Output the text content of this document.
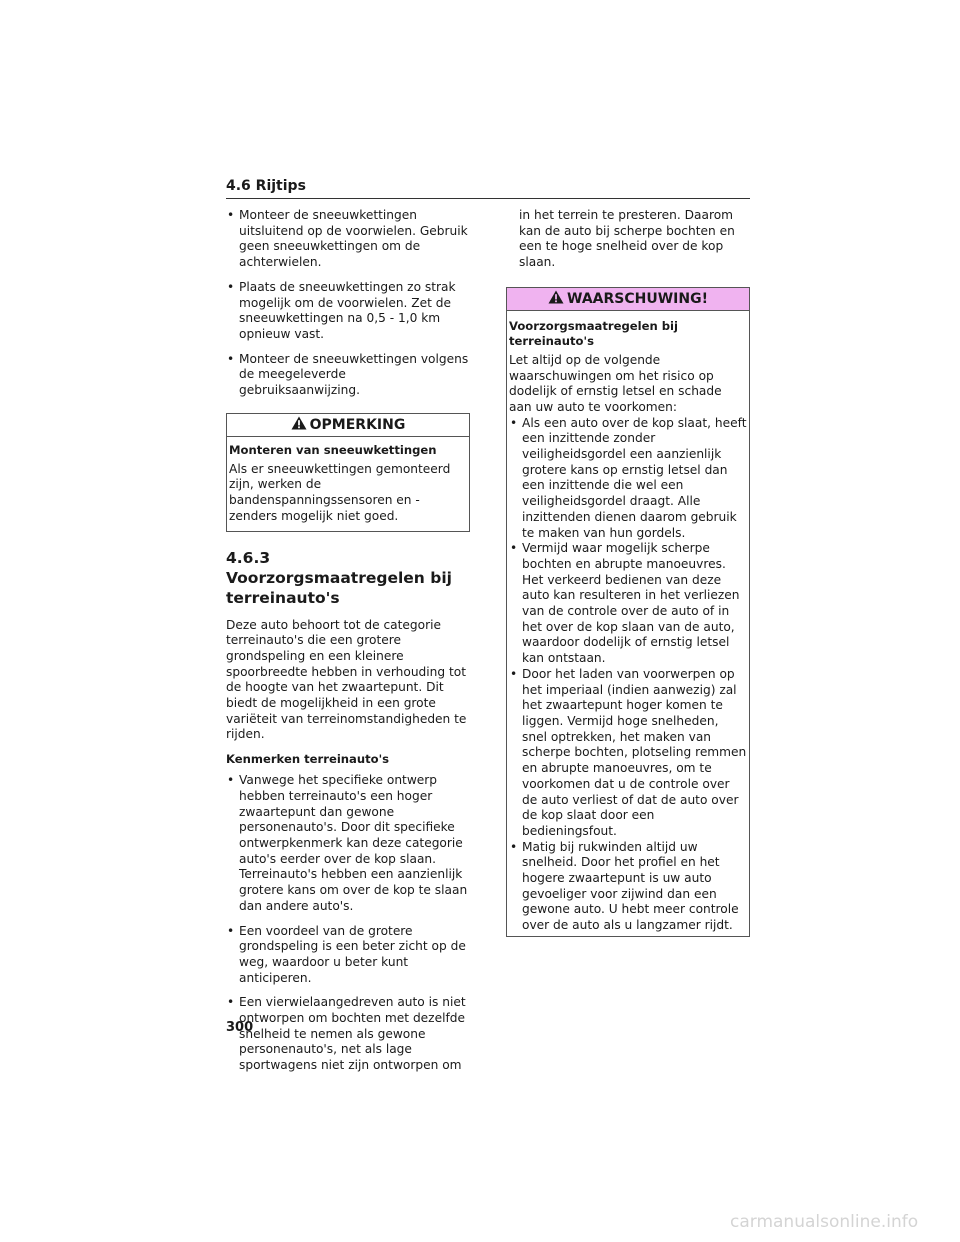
4.6 Rijtips
• Monteer de sneeuwkettingen uitsluitend op de voorwielen. Gebruik geen sneeuwkettingen om de achterwielen.
• Plaats de sneeuwkettingen zo strak mogelijk om de voorwielen. Zet de sneeuwkettingen na 0,5 - 1,0 km opnieuw vast.
• Monteer de sneeuwkettingen volgens de meegeleverde gebruiksaanwijzing.
OPMERKING
Monteren van sneeuwkettingen
Als er sneeuwkettingen gemonteerd zijn, werken de bandenspanningssensoren en -zenders mogelijk niet goed.
4.6.3 Voorzorgsmaatregelen bij terreinauto's

Deze auto behoort tot de categorie terreinauto's die een grotere grondspeling en een kleinere spoorbreedte hebben in verhouding tot de hoogte van het zwaartepunt. Dit biedt de mogelijkheid in een grote variëteit van terreinomstandigheden te rijden.

Kenmerken terreinauto's
• Vanwege het specifieke ontwerp hebben terreinauto's een hoger zwaartepunt dan gewone personenauto's. Door dit specifieke ontwerpkenmerk kan deze categorie auto's eerder over de kop slaan. Terreinauto's hebben een aanzienlijk grotere kans om over de kop te slaan dan andere auto's.
• Een voordeel van de grotere grondspeling is een beter zicht op de weg, waardoor u beter kunt anticiperen.
• Een vierwielaangedreven auto is niet ontworpen om bochten met dezelfde snelheid te nemen als gewone personenauto's, net als lage sportwagens niet zijn ontworpen om
in het terrein te presteren. Daarom kan de auto bij scherpe bochten en een te hoge snelheid over de kop slaan.
WAARSCHUWING!
Voorzorgsmaatregelen bij terreinauto's
Let altijd op de volgende waarschuwingen om het risico op dodelijk of ernstig letsel en schade aan uw auto te voorkomen:
• Als een auto over de kop slaat, heeft een inzittende zonder veiligheidsgordel een aanzienlijk grotere kans op ernstig letsel dan een inzittende die wel een veiligheidsgordel draagt. Alle inzittenden dienen daarom gebruik te maken van hun gordels.
• Vermijd waar mogelijk scherpe bochten en abrupte manoeuvres. Het verkeerd bedienen van deze auto kan resulteren in het verliezen van de controle over de auto of in het over de kop slaan van de auto, waardoor dodelijk of ernstig letsel kan ontstaan.
• Door het laden van voorwerpen op het imperiaal (indien aanwezig) zal het zwaartepunt hoger komen te liggen. Vermijd hoge snelheden, snel optrekken, het maken van scherpe bochten, plotseling remmen en abrupte manoeuvres, om te voorkomen dat u de controle over de auto verliest of dat de auto over de kop slaat door een bedieningsfout.
• Matig bij rukwinden altijd uw snelheid. Door het profiel en het hogere zwaartepunt is uw auto gevoeliger voor zijwind dan een gewone auto. U hebt meer controle over de auto als u langzamer rijdt.
300
carmanualsonline.info
